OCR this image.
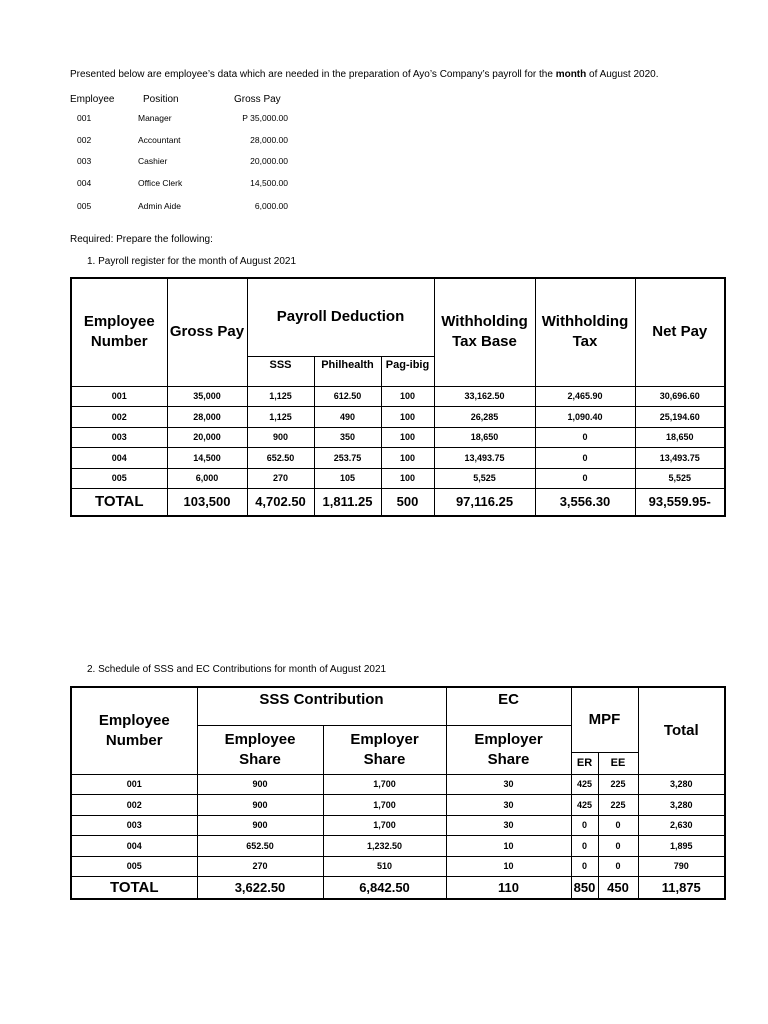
Presented below are employee’s data which are needed in the preparation of Ayo’s Company’s payroll for the month of August 2020.
Employee	Position	Gross Pay
001	Manager	P 35,000.00
002	Accountant	28,000.00
003	Cashier	20,000.00
004	Office Clerk	14,500.00
005	Admin Aide	6,000.00
Required: Prepare the following:
1. Payroll register for the month of August 2021
Employee Number	Gross Pay	Payroll Deduction			Withholding Tax Base	Withholding Tax	Net Pay
		SSS	Philhealth	Pag-ibig			
001	35,000	1,125	612.50	100	33,162.50	2,465.90	30,696.60
002	28,000	1,125	490	100	26,285	1,090.40	25,194.60
003	20,000	900	350	100	18,650	0	18,650
004	14,500	652.50	253.75	100	13,493.75	0	13,493.75
005	6,000	270	105	100	5,525	0	5,525
TOTAL	103,500	4,702.50	1,811.25	500	97,116.25	3,556.30	93,559.95-
2. Schedule of SSS and EC Contributions for month of August 2021
Employee Number	SSS Contribution		EC	MPF		Total
	Employee Share	Employer Share	Employer Share			
				ER	EE	
001	900	1,700	30	425	225	3,280
002	900	1,700	30	425	225	3,280
003	900	1,700	30	0	0	2,630
004	652.50	1,232.50	10	0	0	1,895
005	270	510	10	0	0	790
TOTAL	3,622.50	6,842.50	110	850	450	11,875
